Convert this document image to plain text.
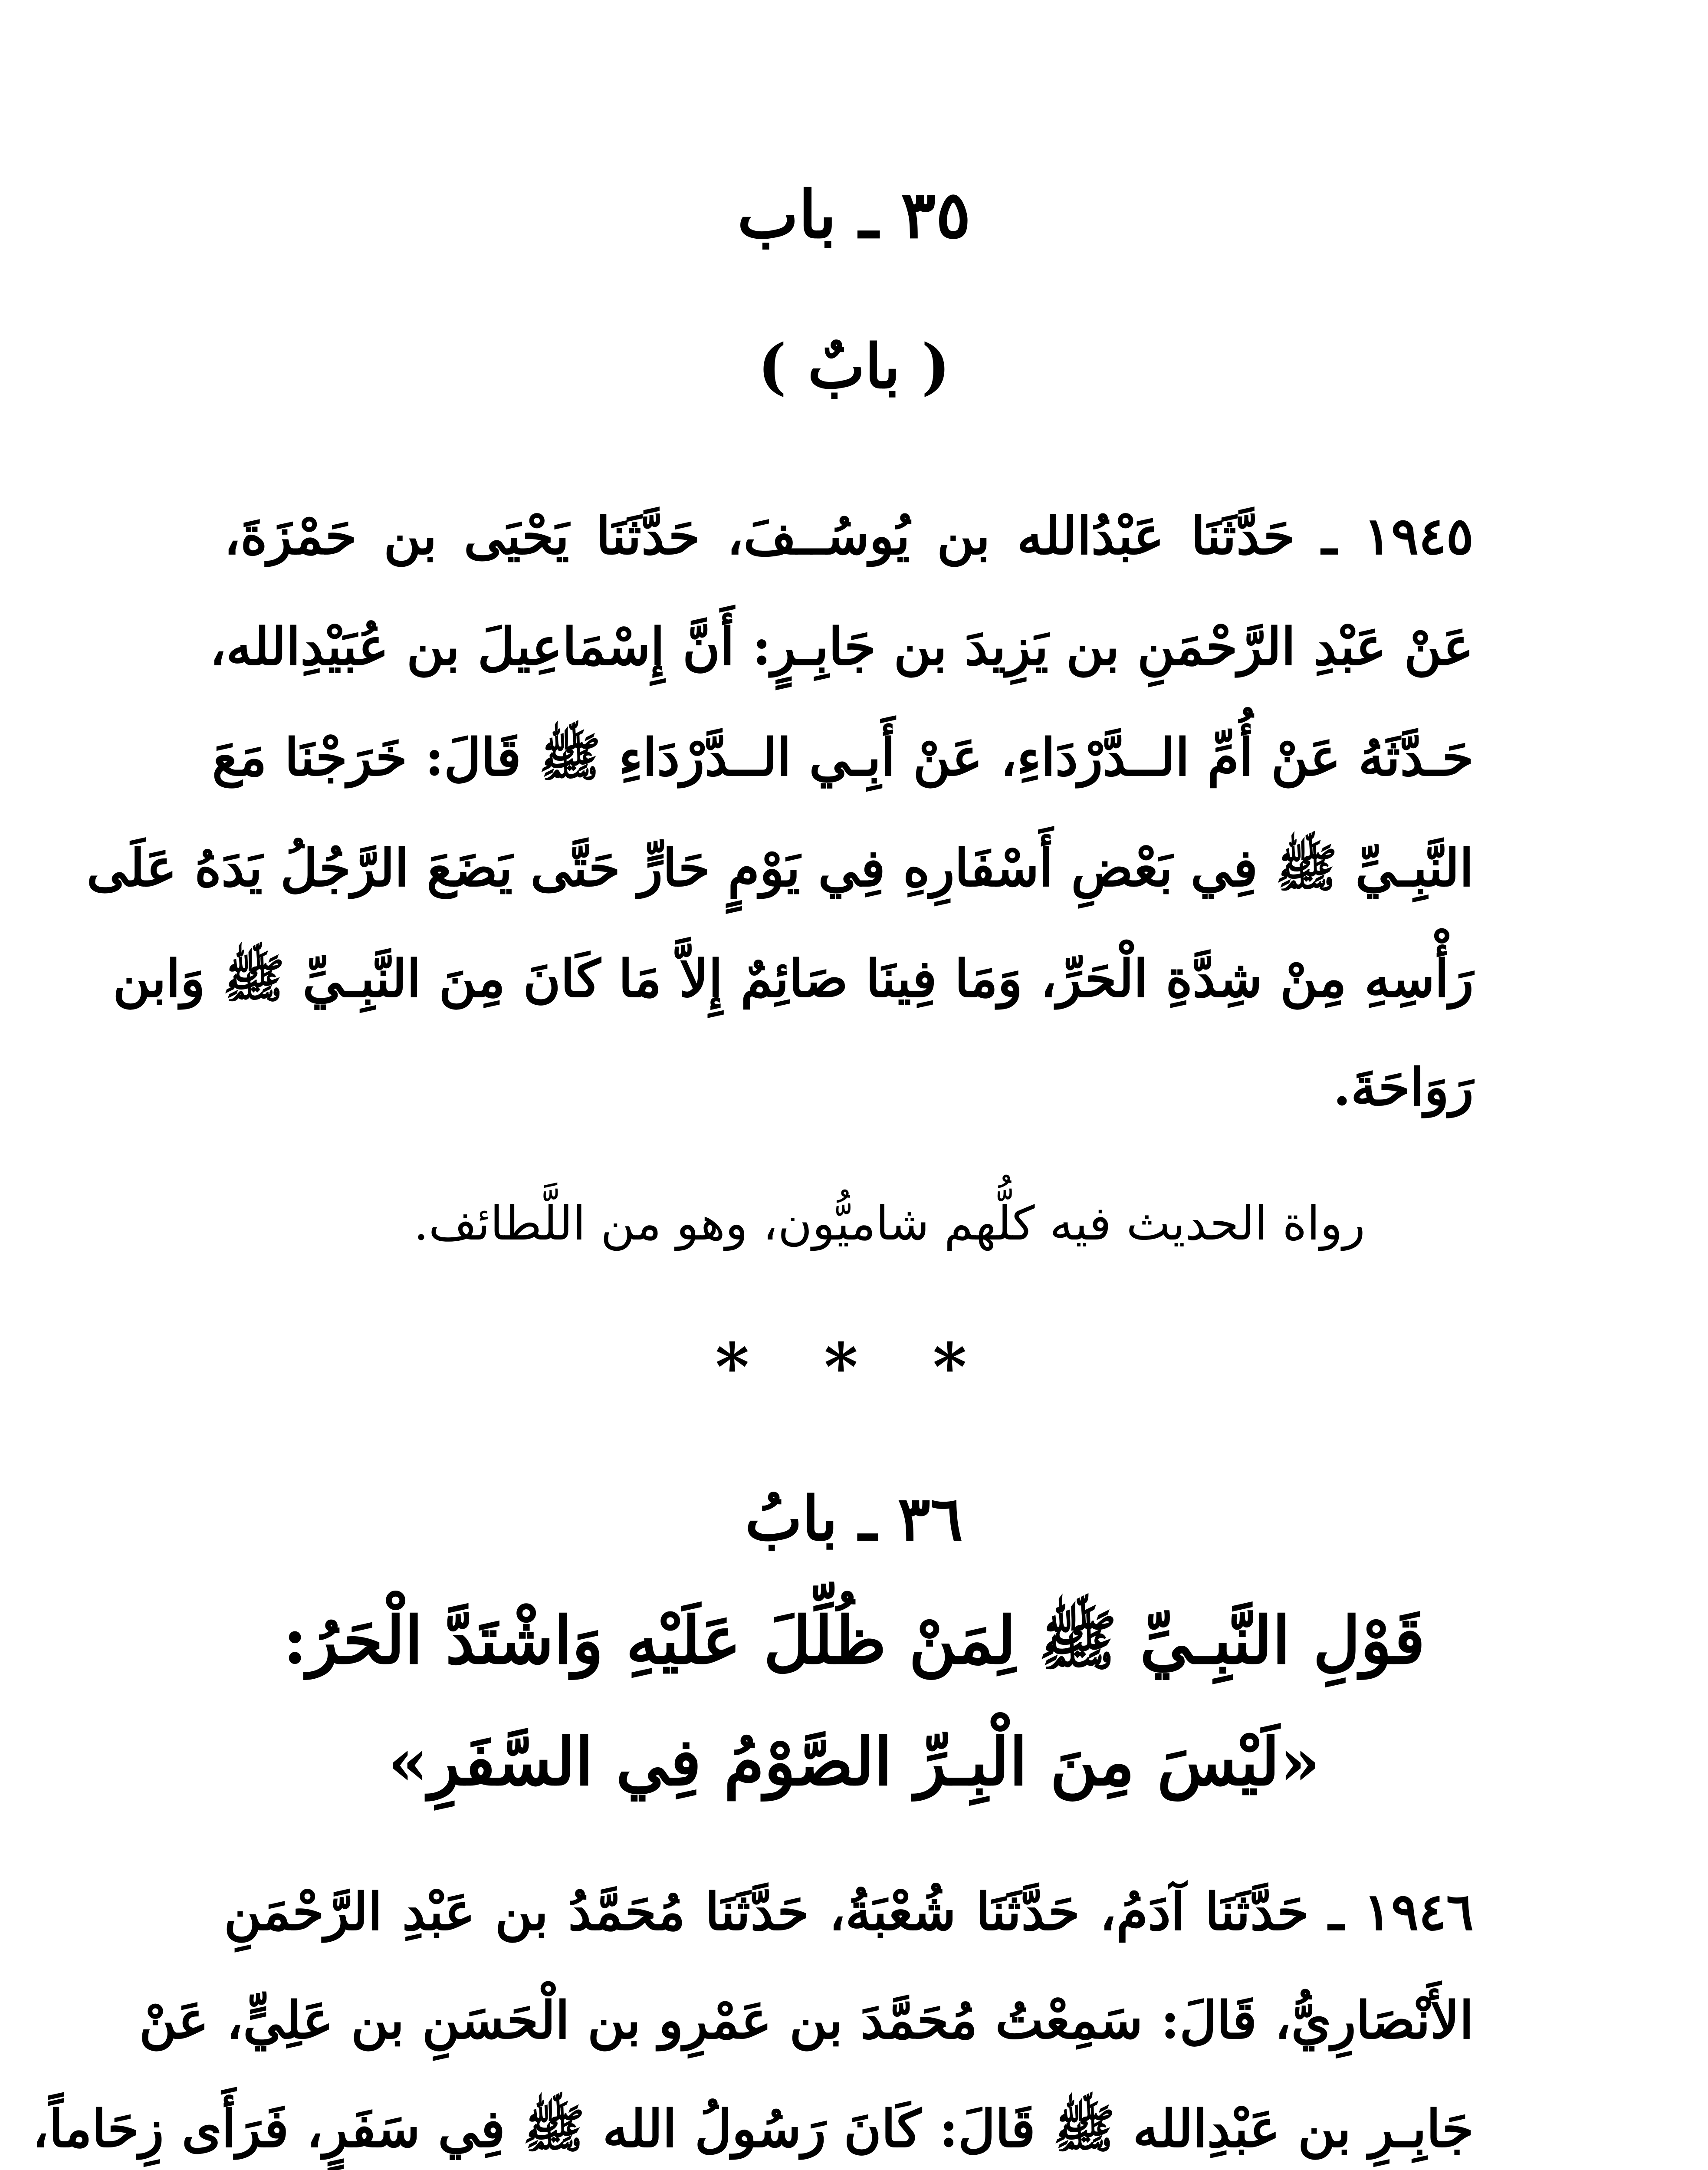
٣٥ ـ باب
( بابٌ )
١٩٤٥ ـ حَدَّثَنَا عَبْدُالله بن يُوسُــفَ، حَدَّثَنَا يَحْيَى بن حَمْزَةَ،
عَنْ عَبْدِ الرَّحْمَنِ بن يَزِيدَ بن جَابِـرٍ: أَنَّ إِسْمَاعِيلَ بن عُبَيْدِالله،
حَـدَّثَهُ عَنْ أُمِّ الــدَّرْدَاءِ، عَنْ أَبِـي الــدَّرْدَاءِ ﷺ قَالَ: خَرَجْنَا مَعَ
النَّبِـيِّ ﷺ فِي بَعْضِ أَسْفَارِهِ فِي يَوْمٍ حَارٍّ حَتَّى يَضَعَ الرَّجُلُ يَدَهُ عَلَى
رَأْسِهِ مِنْ شِدَّةِ الْحَرِّ، وَمَا فِينَا صَائِمٌ إِلاَّ مَا كَانَ مِنَ النَّبِـيِّ ﷺ وَابن
رَوَاحَةَ.
رواة الحديث فيه كلُّهم شاميُّون، وهو من اللَّطائف.
* * *
٣٦ ـ بابُ
قَوْلِ النَّبِـيِّ ﷺ لِمَنْ ظُلِّلَ عَلَيْهِ وَاشْتَدَّ الْحَرُ:
«لَيْسَ مِنَ الْبِـرِّ الصَّوْمُ فِي السَّفَرِ»
١٩٤٦ ـ حَدَّثَنَا آدَمُ، حَدَّثَنَا شُعْبَةُ، حَدَّثَنَا مُحَمَّدُ بن عَبْدِ الرَّحْمَنِ
الأَنْصَارِيُّ، قَالَ: سَمِعْتُ مُحَمَّدَ بن عَمْرِو بن الْحَسَنِ بن عَلِيٍّ، عَنْ
جَابِـرِ بن عَبْدِالله ﷺ قَالَ: كَانَ رَسُولُ الله ﷺ فِي سَفَرٍ، فَرَأَى زِحَاماً،
